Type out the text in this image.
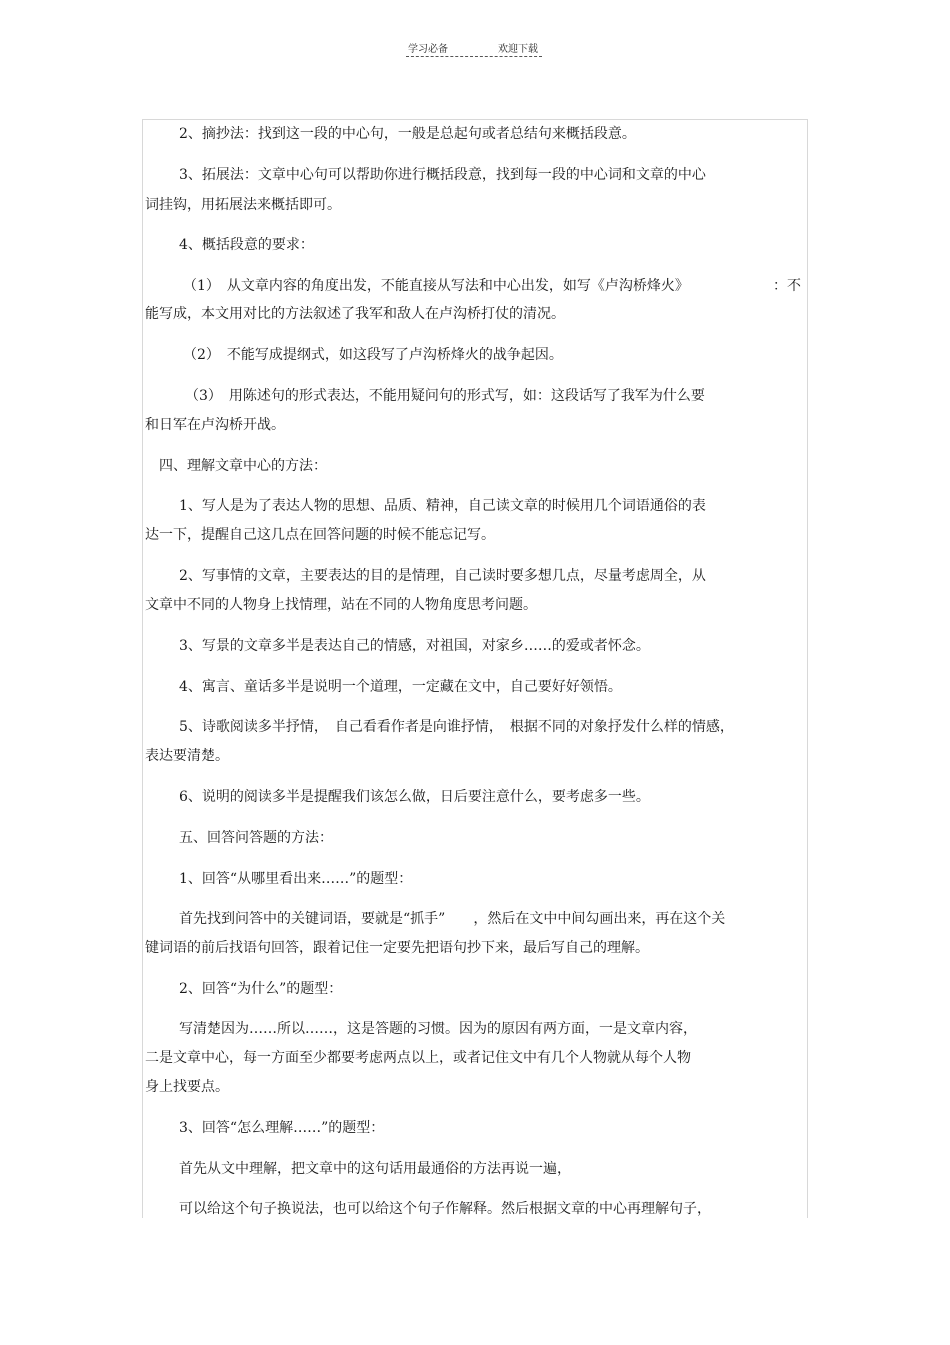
学习必备	欢迎下载
2、摘抄法：找到这一段的中心句，一般是总起句或者总结句来概括段意。
3、拓展法：文章中心句可以帮助你进行概括段意，找到每一段的中心词和文章的中心
词挂钩，用拓展法来概括即可。
4、概括段意的要求：
（1）　从文章内容的角度出发，不能直接从写法和中心出发，如写《卢沟桥烽火》	：不
能写成，本文用对比的方法叙述了我军和敌人在卢沟桥打仗的清况。
（2）　不能写成提纲式，如这段写了卢沟桥烽火的战争起因。
（3）　用陈述句的形式表达，不能用疑问句的形式写，如：这段话写了我军为什么要
和日军在卢沟桥开战。
四、理解文章中心的方法：
1、写人是为了表达人物的思想、品质、精神，自己读文章的时候用几个词语通俗的表
达一下，提醒自己这几点在回答问题的时候不能忘记写。
2、写事情的文章，主要表达的目的是情理，自己读时要多想几点，尽量考虑周全，从
文章中不同的人物身上找情理，站在不同的人物角度思考问题。
3、写景的文章多半是表达自己的情感，对祖国，对家乡……的爱或者怀念。
4、寓言、童话多半是说明一个道理，一定藏在文中，自己要好好领悟。
5、诗歌阅读多半抒情，　自己看看作者是向谁抒情，　根据不同的对象抒发什么样的情感，
表达要清楚。
6、说明的阅读多半是提醒我们该怎么做，日后要注意什么，要考虑多一些。
五、回答问答题的方法：
1、回答“从哪里看出来……”的题型：
首先找到问答中的关键词语，要就是“抓手”　　，然后在文中中间勾画出来，再在这个关
键词语的前后找语句回答，跟着记住一定要先把语句抄下来，最后写自己的理解。
2、回答“为什么”的题型：
写清楚因为……所以……，这是答题的习惯。因为的原因有两方面，一是文章内容，
二是文章中心，每一方面至少都要考虑两点以上，或者记住文中有几个人物就从每个人物
身上找要点。
3、回答“怎么理解……”的题型：
首先从文中理解，把文章中的这句话用最通俗的方法再说一遍，
可以给这个句子换说法，也可以给这个句子作解释。然后根据文章的中心再理解句子，
